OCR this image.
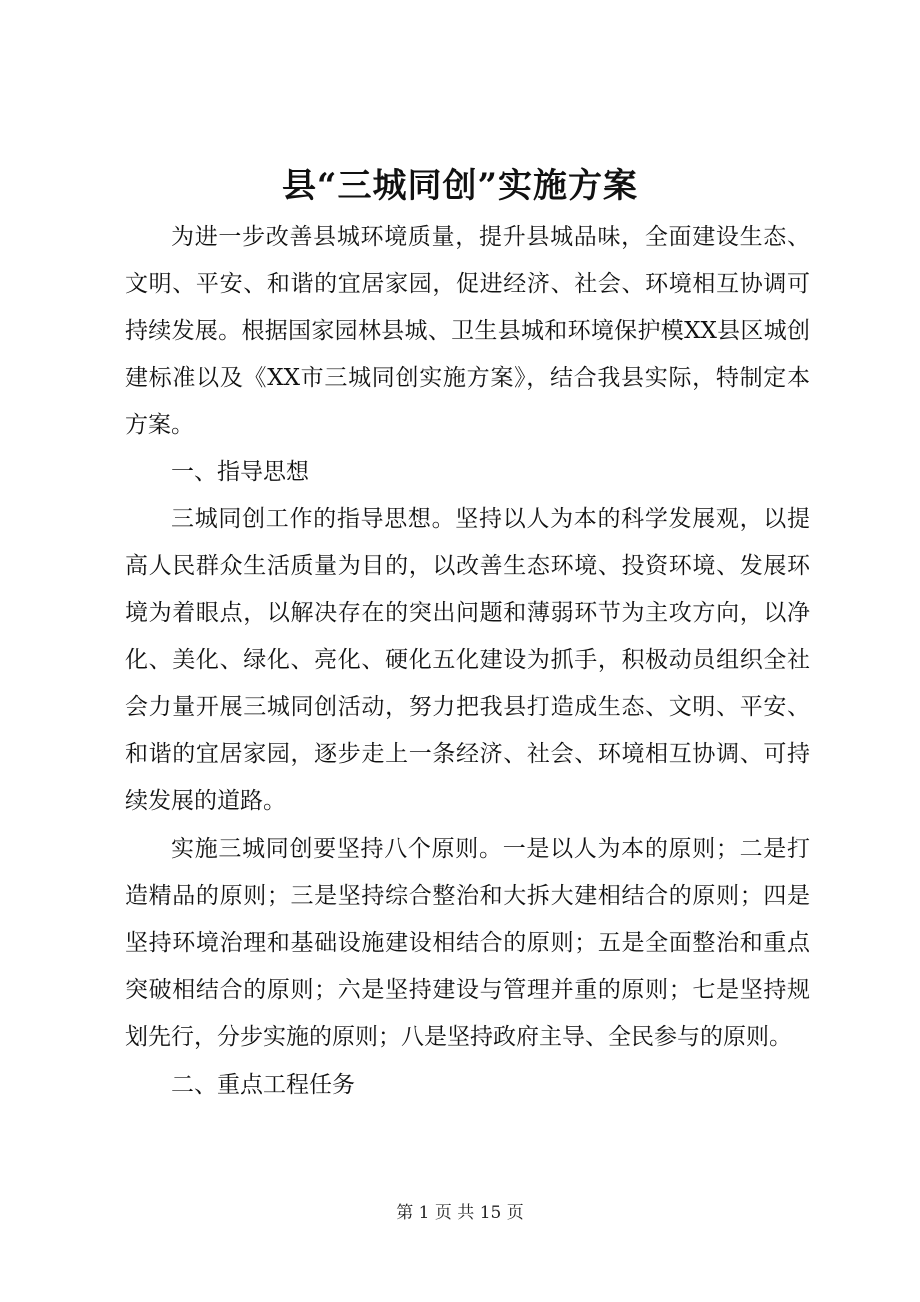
县“三城同创”实施方案

为进一步改善县城环境质量，提升县城品味，全面建设生态、文明、平安、和谐的宜居家园，促进经济、社会、环境相互协调可持续发展。根据国家园林县城、卫生县城和环境保护模XX县区城创建标准以及《XX市三城同创实施方案》，结合我县实际，特制定本方案。

一、指导思想

三城同创工作的指导思想。坚持以人为本的科学发展观，以提高人民群众生活质量为目的，以改善生态环境、投资环境、发展环境为着眼点，以解决存在的突出问题和薄弱环节为主攻方向，以净化、美化、绿化、亮化、硬化五化建设为抓手，积极动员组织全社会力量开展三城同创活动，努力把我县打造成生态、文明、平安、和谐的宜居家园，逐步走上一条经济、社会、环境相互协调、可持续发展的道路。

实施三城同创要坚持八个原则。一是以人为本的原则；二是打造精品的原则；三是坚持综合整治和大拆大建相结合的原则；四是坚持环境治理和基础设施建设相结合的原则；五是全面整治和重点突破相结合的原则；六是坚持建设与管理并重的原则；七是坚持规划先行，分步实施的原则；八是坚持政府主导、全民参与的原则。

二、重点工程任务

第 1 页 共 15 页
